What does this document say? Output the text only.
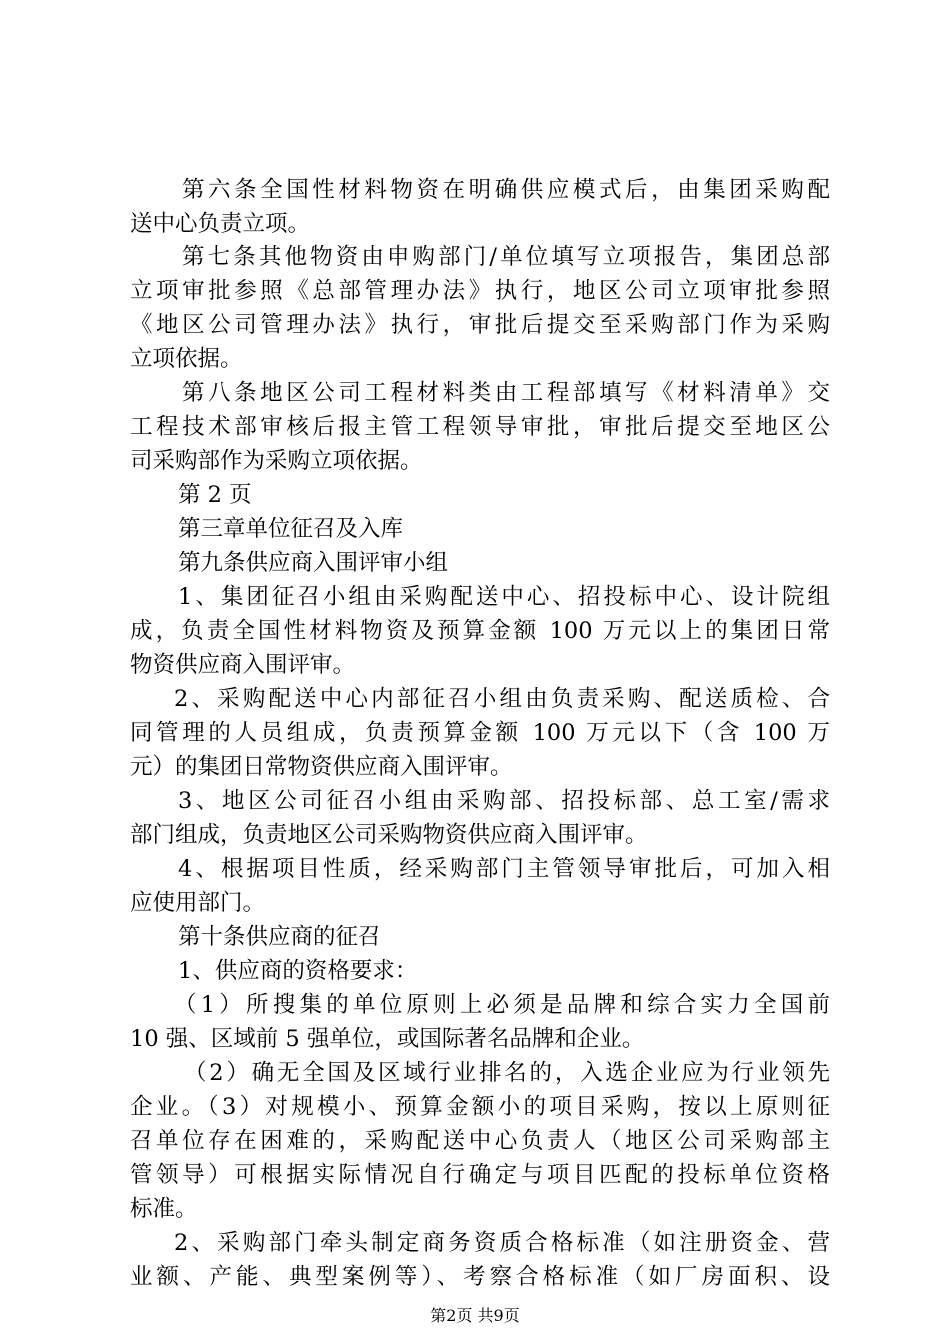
第六条全国性材料物资在明确供应模式后，由集团采购配
送中心负责立项。
第七条其他物资由申购部门/单位填写立项报告，集团总部
立项审批参照《总部管理办法》执行，地区公司立项审批参照
《地区公司管理办法》执行，审批后提交至采购部门作为采购
立项依据。
第八条地区公司工程材料类由工程部填写《材料清单》交
工程技术部审核后报主管工程领导审批，审批后提交至地区公
司采购部作为采购立项依据。
第 2 页
第三章单位征召及入库
第九条供应商入围评审小组
1、集团征召小组由采购配送中心、招投标中心、设计院组
成，负责全国性材料物资及预算金额 100 万元以上的集团日常
物资供应商入围评审。
2、采购配送中心内部征召小组由负责采购、配送质检、合
同管理的人员组成，负责预算金额 100 万元以下（含 100 万
元）的集团日常物资供应商入围评审。
3、地区公司征召小组由采购部、招投标部、总工室/需求
部门组成，负责地区公司采购物资供应商入围评审。
4、根据项目性质，经采购部门主管领导审批后，可加入相
应使用部门。
第十条供应商的征召
1、供应商的资格要求：
（1）所搜集的单位原则上必须是品牌和综合实力全国前
10 强、区域前 5 强单位，或国际著名品牌和企业。
（2）确无全国及区域行业排名的，入选企业应为行业领先
企业。（3）对规模小、预算金额小的项目采购，按以上原则征
召单位存在困难的，采购配送中心负责人（地区公司采购部主
管领导）可根据实际情况自行确定与项目匹配的投标单位资格
标准。
2、采购部门牵头制定商务资质合格标准（如注册资金、营
业额、产能、典型案例等）、考察合格标准（如厂房面积、设
第2页 共9页
